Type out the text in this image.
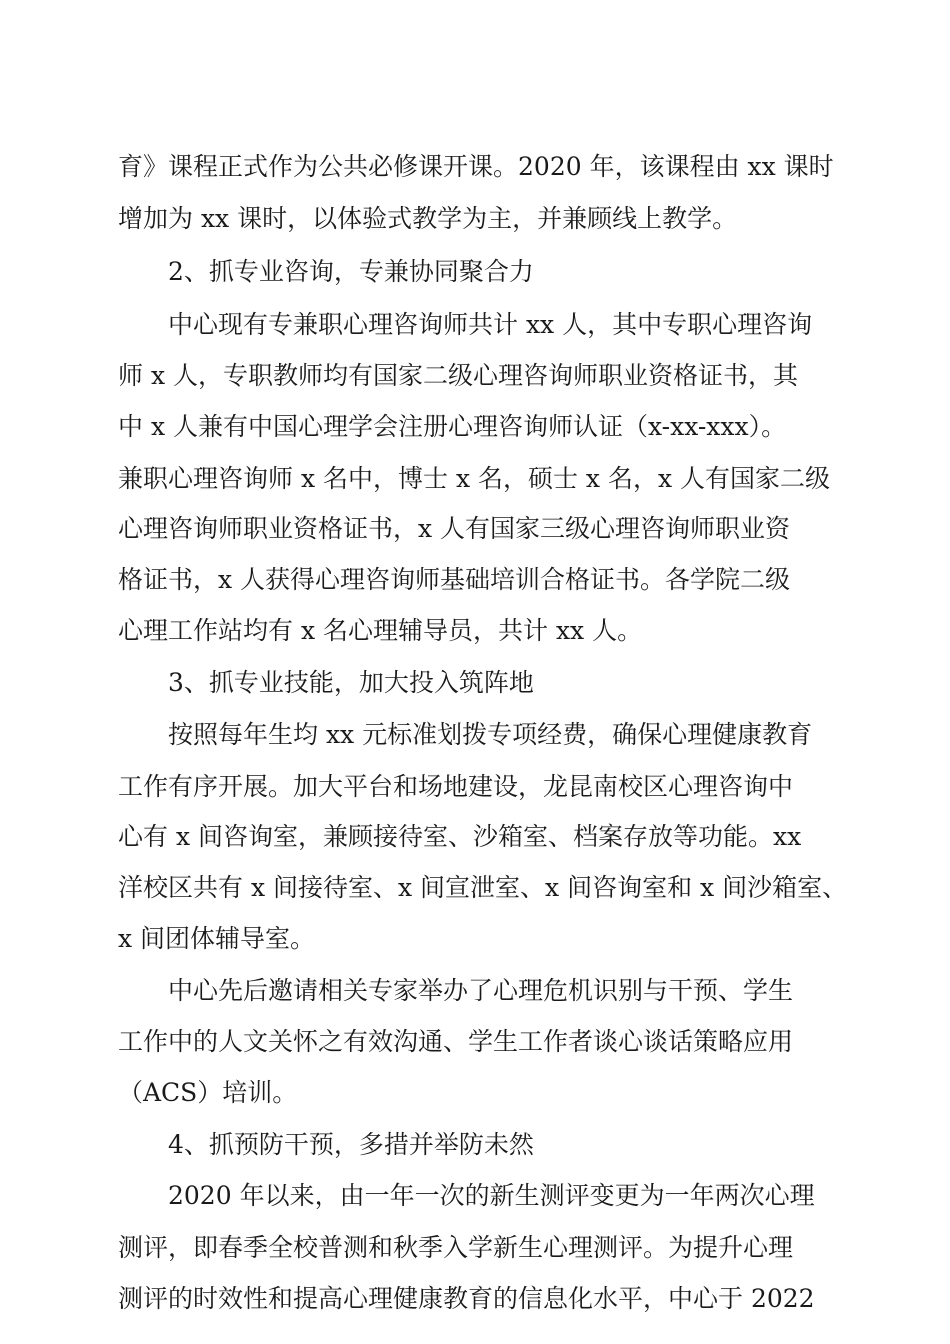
育》课程正式作为公共必修课开课。2020 年，该课程由 xx 课时
增加为 xx 课时，以体验式教学为主，并兼顾线上教学。
2、抓专业咨询，专兼协同聚合力
中心现有专兼职心理咨询师共计 xx 人，其中专职心理咨询
师 x 人，专职教师均有国家二级心理咨询师职业资格证书，其
中 x 人兼有中国心理学会注册心理咨询师认证（x-xx-xxx）。
兼职心理咨询师 x 名中，博士 x 名，硕士 x 名，x 人有国家二级
心理咨询师职业资格证书，x 人有国家三级心理咨询师职业资
格证书，x 人获得心理咨询师基础培训合格证书。各学院二级
心理工作站均有 x 名心理辅导员，共计 xx 人。
3、抓专业技能，加大投入筑阵地
按照每年生均 xx 元标准划拨专项经费，确保心理健康教育
工作有序开展。加大平台和场地建设，龙昆南校区心理咨询中
心有 x 间咨询室，兼顾接待室、沙箱室、档案存放等功能。xx
洋校区共有 x 间接待室、x 间宣泄室、x 间咨询室和 x 间沙箱室、
x 间团体辅导室。
中心先后邀请相关专家举办了心理危机识别与干预、学生
工作中的人文关怀之有效沟通、学生工作者谈心谈话策略应用
（ACS）培训。
4、抓预防干预，多措并举防未然
2020 年以来，由一年一次的新生测评变更为一年两次心理
测评，即春季全校普测和秋季入学新生心理测评。为提升心理
测评的时效性和提高心理健康教育的信息化水平，中心于 2022
